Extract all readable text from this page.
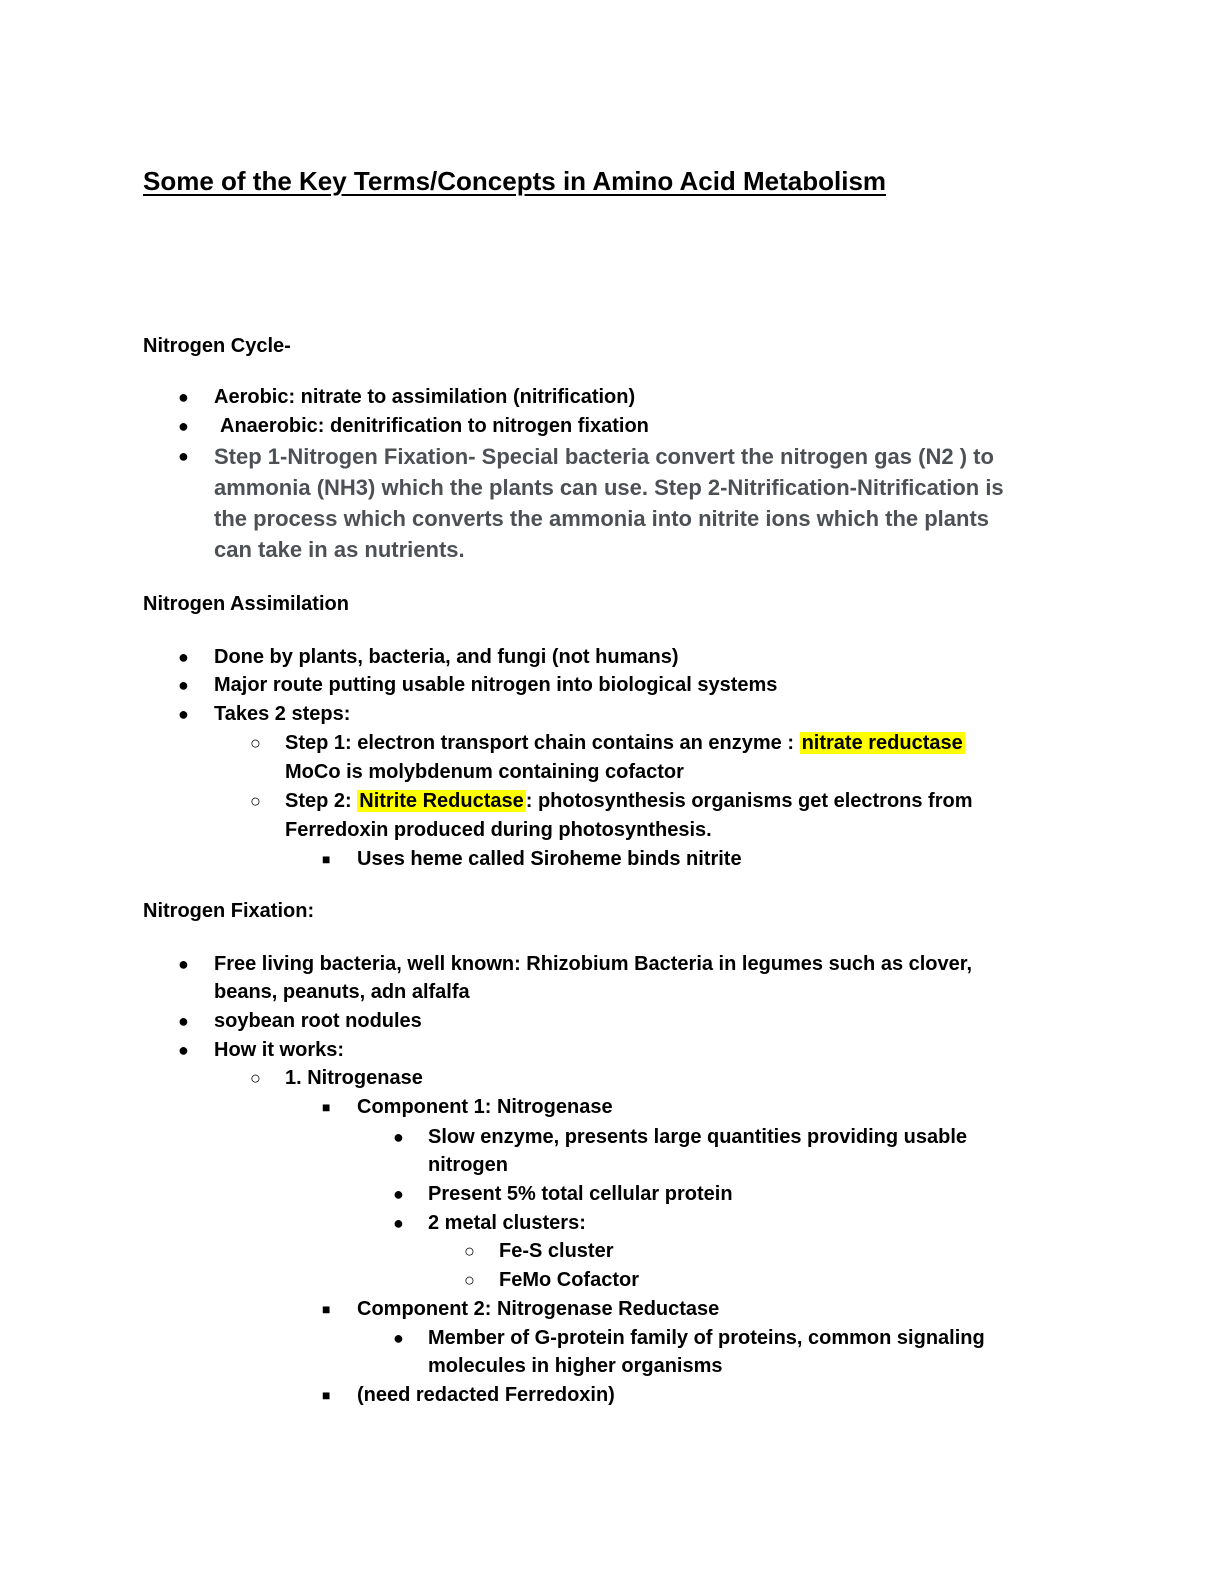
Some of the Key Terms/Concepts in Amino Acid Metabolism
Nitrogen Cycle-
● Aerobic: nitrate to assimilation (nitrification)
● Anaerobic: denitrification to nitrogen fixation
● Step 1-Nitrogen Fixation- Special bacteria convert the nitrogen gas (N2 ) to
ammonia (NH3) which the plants can use. Step 2-Nitrification-Nitrification is
the process which converts the ammonia into nitrite ions which the plants
can take in as nutrients.
Nitrogen Assimilation
● Done by plants, bacteria, and fungi (not humans)
● Major route putting usable nitrogen into biological systems
● Takes 2 steps:
○ Step 1: electron transport chain contains an enzyme : nitrate reductase
MoCo is molybdenum containing cofactor
○ Step 2: Nitrite Reductase : photosynthesis organisms get electrons from
Ferredoxin produced during photosynthesis.
■ Uses heme called Siroheme binds nitrite
Nitrogen Fixation:
● Free living bacteria, well known: Rhizobium Bacteria in legumes such as clover,
beans, peanuts, adn alfalfa
● soybean root nodules
● How it works:
○ 1. Nitrogenase
■ Component 1: Nitrogenase
● Slow enzyme, presents large quantities providing usable
nitrogen
● Present 5% total cellular protein
● 2 metal clusters:
○ Fe-S cluster
○ FeMo Cofactor
■ Component 2: Nitrogenase Reductase
● Member of G-protein family of proteins, common signaling
molecules in higher organisms
■ (need redacted Ferredoxin)
